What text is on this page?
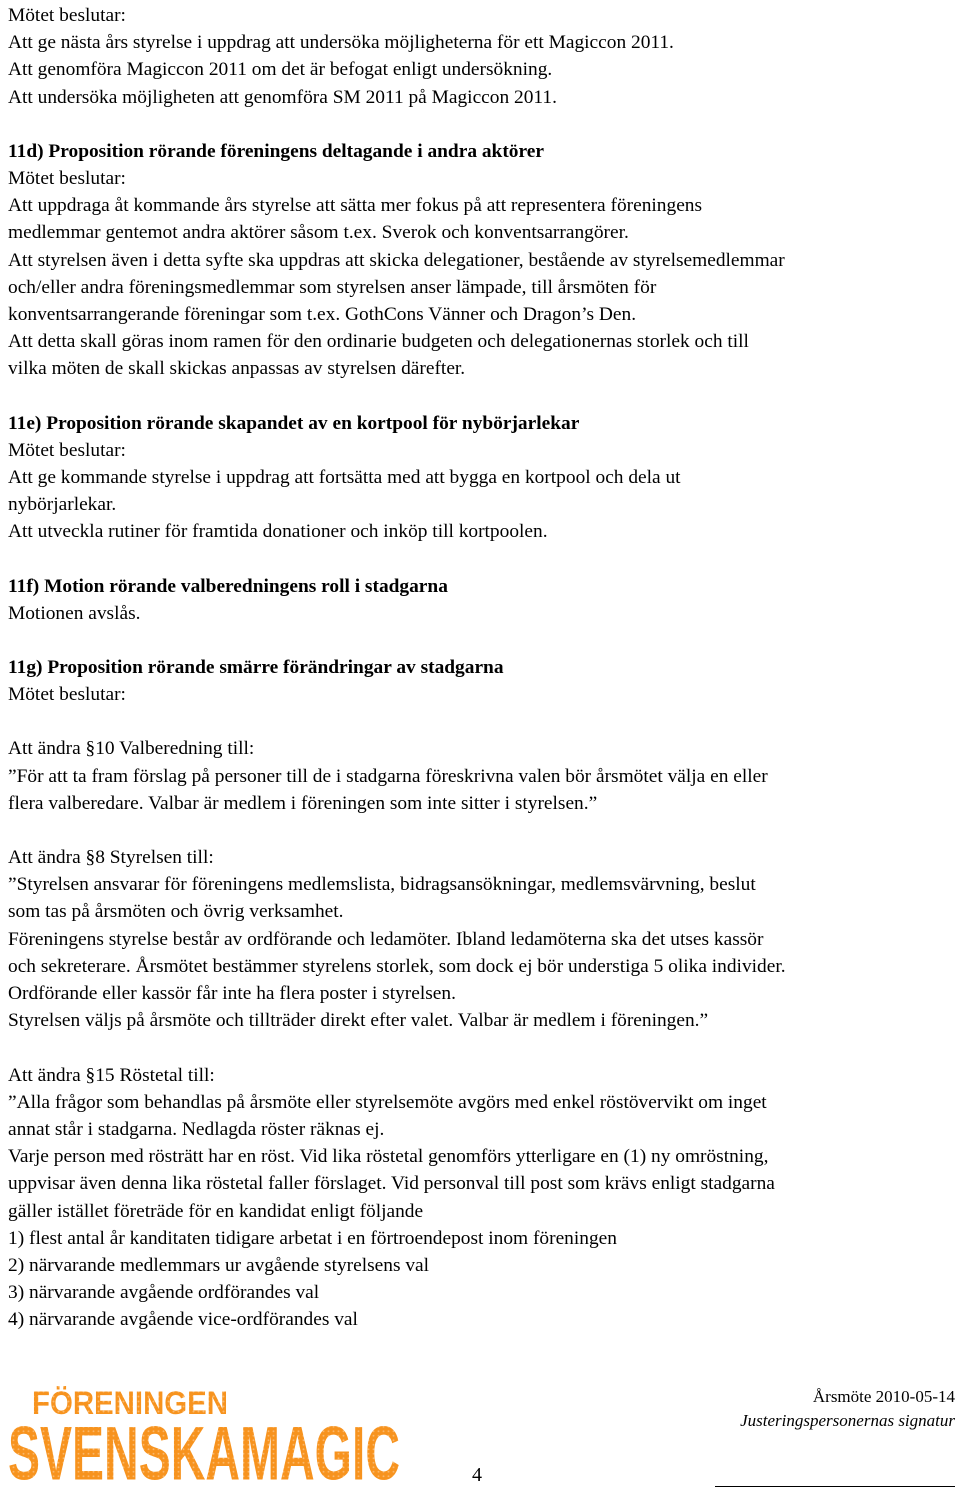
Mötet beslutar:
Att ge nästa års styrelse i uppdrag att undersöka möjligheterna för ett Magiccon 2011.
Att genomföra Magiccon 2011 om det är befogat enligt undersökning.
Att undersöka möjligheten att genomföra SM 2011 på Magiccon 2011.
11d) Proposition rörande föreningens deltagande i andra aktörer
Mötet beslutar:
Att uppdraga åt kommande års styrelse att sätta mer fokus på att representera föreningens
medlemmar gentemot andra aktörer såsom t.ex. Sverok och konventsarrangörer.
Att styrelsen även i detta syfte ska uppdras att skicka delegationer, bestående av styrelsemedlemmar
och/eller andra föreningsmedlemmar som styrelsen anser lämpade, till årsmöten för
konventsarrangerande föreningar som t.ex. GothCons Vänner och Dragon’s Den.
Att detta skall göras inom ramen för den ordinarie budgeten och delegationernas storlek och till
vilka möten de skall skickas anpassas av styrelsen därefter.
11e) Proposition rörande skapandet av en kortpool för nybörjarlekar
Mötet beslutar:
Att ge kommande styrelse i uppdrag att fortsätta med att bygga en kortpool och dela ut
nybörjarlekar.
Att utveckla rutiner för framtida donationer och inköp till kortpoolen.
11f) Motion rörande valberedningens roll i stadgarna
Motionen avslås.
11g) Proposition rörande smärre förändringar av stadgarna
Mötet beslutar:
Att ändra §10 Valberedning till:
”För att ta fram förslag på personer till de i stadgarna föreskrivna valen bör årsmötet välja en eller
flera valberedare. Valbar är medlem i föreningen som inte sitter i styrelsen.”
Att ändra §8 Styrelsen till:
”Styrelsen ansvarar för föreningens medlemslista, bidragsansökningar, medlemsvärvning, beslut
som tas på årsmöten och övrig verksamhet.
Föreningens styrelse består av ordförande och ledamöter. Ibland ledamöterna ska det utses kassör
och sekreterare. Årsmötet bestämmer styrelens storlek, som dock ej bör understiga 5 olika individer.
Ordförande eller kassör får inte ha flera poster i styrelsen.
Styrelsen väljs på årsmöte och tillträder direkt efter valet. Valbar är medlem i föreningen.”
Att ändra §15 Röstetal till:
”Alla frågor som behandlas på årsmöte eller styrelsemöte avgörs med enkel röstövervikt om inget
annat står i stadgarna. Nedlagda röster räknas ej.
Varje person med rösträtt har en röst. Vid lika röstetal genomförs ytterligare en (1) ny omröstning,
uppvisar även denna lika röstetal faller förslaget. Vid personval till post som krävs enligt stadgarna
gäller istället företräde för en kandidat enligt följande
1) flest antal år kanditaten tidigare arbetat i en förtroendepost inom föreningen
2) närvarande medlemmars ur avgående styrelsens val
3) närvarande avgående ordförandes val
4) närvarande avgående vice-ordförandes val
FÖRENINGEN
SVENSKAMAGIC	4
Årsmöte 2010-05-14
Justeringspersonernas signatur
